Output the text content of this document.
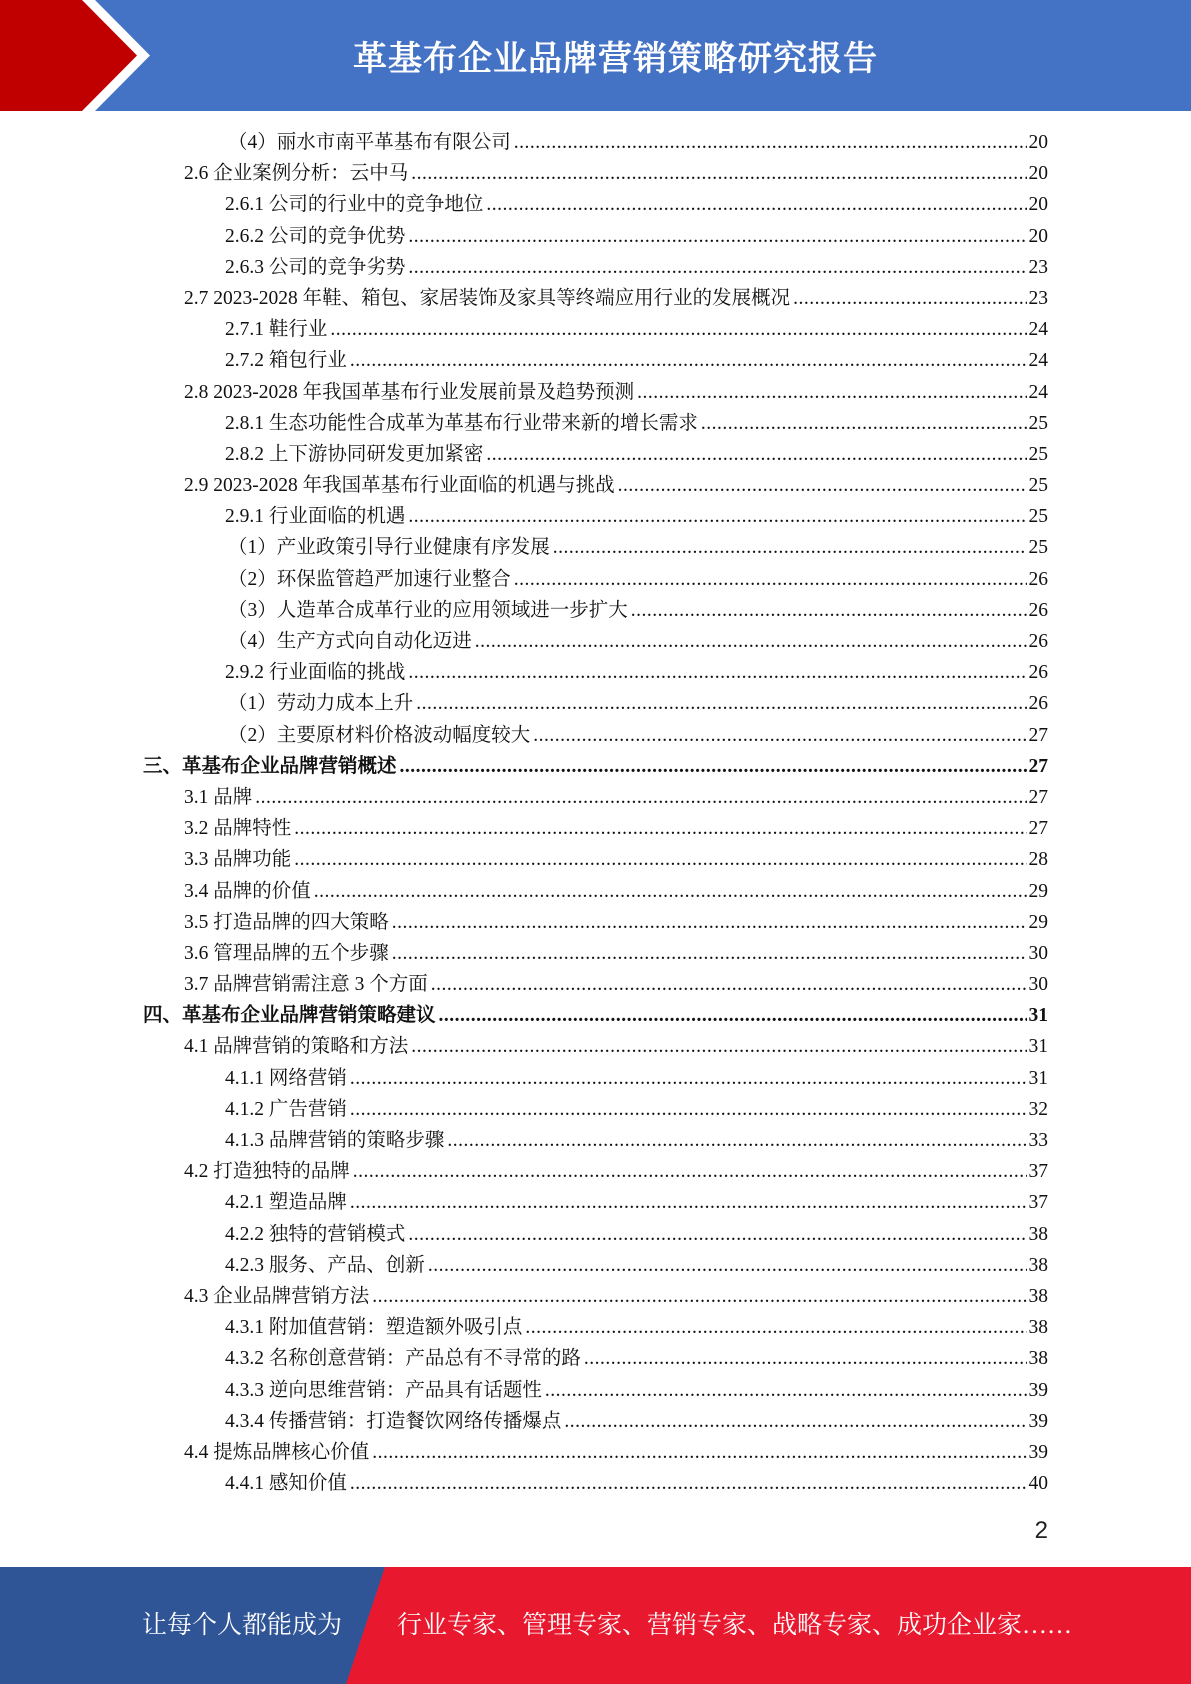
革基布企业品牌营销策略研究报告
（4）丽水市南平革基布有限公司 .....	20
2.6 企业案例分析：云中马 .....	20
2.6.1 公司的行业中的竞争地位 .....	20
2.6.2 公司的竞争优势 .....	20
2.6.3 公司的竞争劣势 .....	23
2.7 2023-2028 年鞋、箱包、家居装饰及家具等终端应用行业的发展概况 .....	23
2.7.1 鞋行业 .....	24
2.7.2 箱包行业 .....	24
2.8 2023-2028 年我国革基布行业发展前景及趋势预测 .....	24
2.8.1 生态功能性合成革为革基布行业带来新的增长需求 .....	25
2.8.2 上下游协同研发更加紧密 .....	25
2.9 2023-2028 年我国革基布行业面临的机遇与挑战 .....	25
2.9.1 行业面临的机遇 .....	25
（1）产业政策引导行业健康有序发展 .....	25
（2）环保监管趋严加速行业整合 .....	26
（3）人造革合成革行业的应用领域进一步扩大 .....	26
（4）生产方式向自动化迈进 .....	26
2.9.2 行业面临的挑战 .....	26
（1）劳动力成本上升 .....	26
（2）主要原材料价格波动幅度较大 .....	27
三、革基布企业品牌营销概述 .....	27
3.1 品牌 .....	27
3.2 品牌特性 .....	27
3.3 品牌功能 .....	28
3.4 品牌的价值 .....	29
3.5 打造品牌的四大策略 .....	29
3.6 管理品牌的五个步骤 .....	30
3.7 品牌营销需注意 3 个方面 .....	30
四、革基布企业品牌营销策略建议 .....	31
4.1 品牌营销的策略和方法 .....	31
4.1.1 网络营销 .....	31
4.1.2 广告营销 .....	32
4.1.3 品牌营销的策略步骤 .....	33
4.2 打造独特的品牌 .....	37
4.2.1 塑造品牌 .....	37
4.2.2 独特的营销模式 .....	38
4.2.3 服务、产品、创新 .....	38
4.3 企业品牌营销方法 .....	38
4.3.1 附加值营销：塑造额外吸引点 .....	38
4.3.2 名称创意营销：产品总有不寻常的路 .....	38
4.3.3 逆向思维营销：产品具有话题性 .....	39
4.3.4 传播营销：打造餐饮网络传播爆点 .....	39
4.4 提炼品牌核心价值 .....	39
4.4.1 感知价值 .....	40
2
让每个人都能成为 行业专家、管理专家、营销专家、战略专家、成功企业家……
